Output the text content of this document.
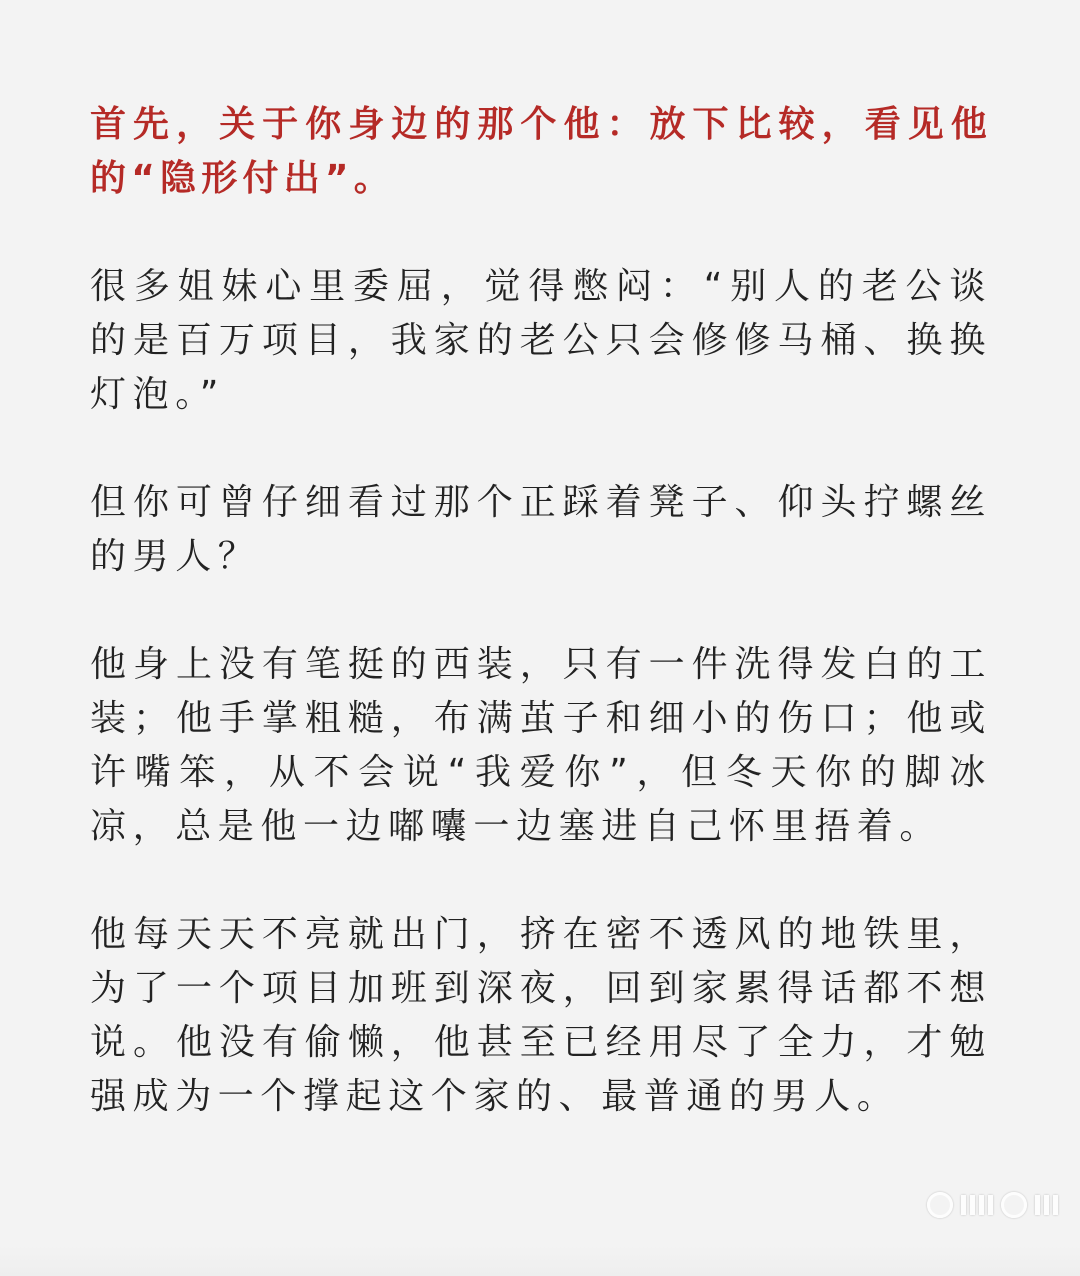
首先，关于你身边的那个他：放下比较，看见他的“隐形付出”。

很多姐妹心里委屈，觉得憋闷：“别人的老公谈的是百万项目，我家的老公只会修修马桶、换换灯泡。”

但你可曾仔细看过那个正踩着凳子、仰头拧螺丝的男人？

他身上没有笔挺的西装，只有一件洗得发白的工装；他手掌粗糙，布满茧子和细小的伤口；他或许嘴笨，从不会说“我爱你”，但冬天你的脚冰凉，总是他一边嘟囔一边塞进自己怀里捂着。

他每天天不亮就出门，挤在密不透风的地铁里，为了一个项目加班到深夜，回到家累得话都不想说。他没有偷懒，他甚至已经用尽了全力，才勉强成为一个撑起这个家的、最普通的男人。
